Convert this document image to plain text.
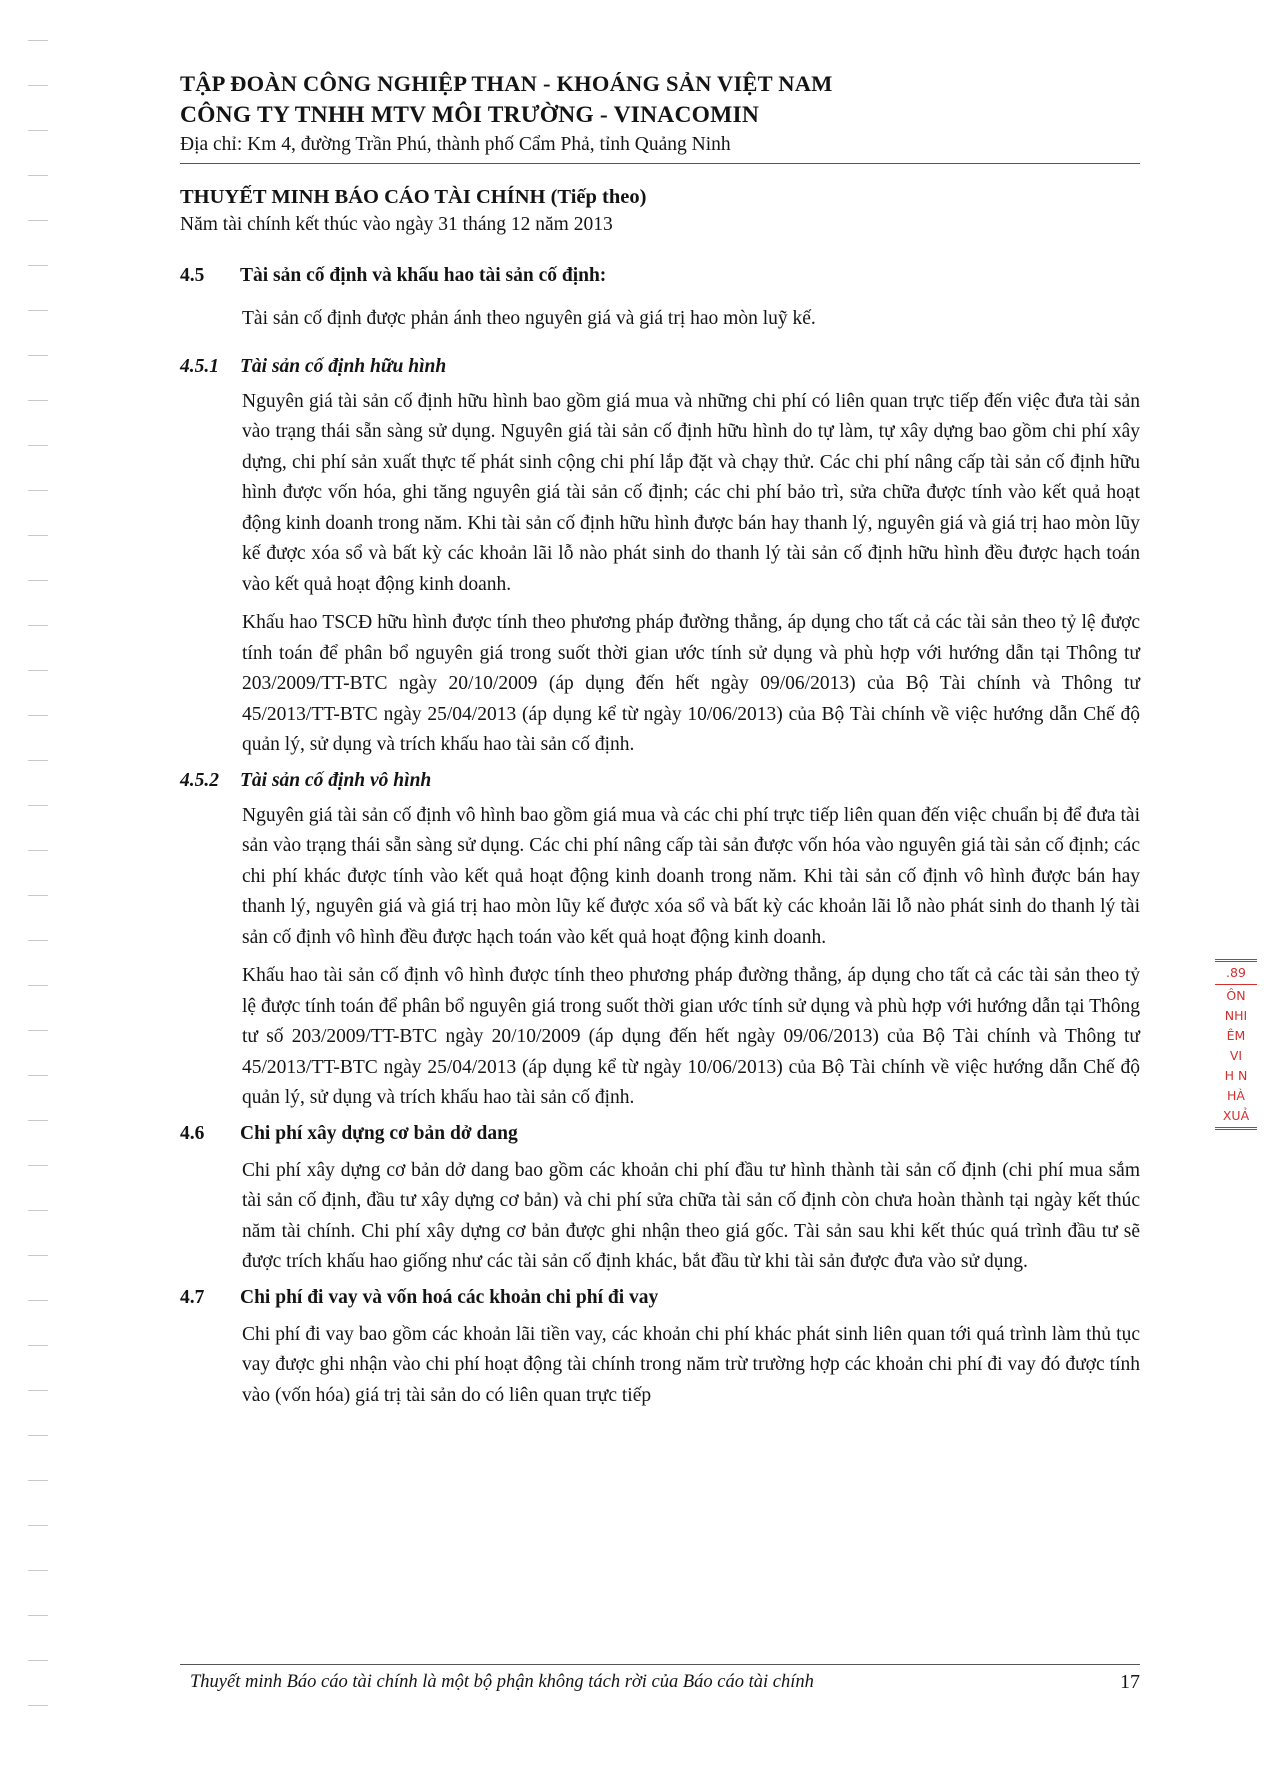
TẬP ĐOÀN CÔNG NGHIỆP THAN - KHOÁNG SẢN VIỆT NAM
CÔNG TY TNHH MTV MÔI TRƯỜNG - VINACOMIN
Địa chỉ: Km 4, đường Trần Phú, thành phố Cẩm Phả, tỉnh Quảng Ninh
THUYẾT MINH BÁO CÁO TÀI CHÍNH (Tiếp theo)
Năm tài chính kết thúc vào ngày 31 tháng 12 năm 2013
4.5	Tài sản cố định và khấu hao tài sản cố định:

Tài sản cố định được phản ánh theo nguyên giá và giá trị hao mòn luỹ kế.

4.5.1	Tài sản cố định hữu hình

Nguyên giá tài sản cố định hữu hình bao gồm giá mua và những chi phí có liên quan trực tiếp đến việc đưa tài sản vào trạng thái sẵn sàng sử dụng. Nguyên giá tài sản cố định hữu hình do tự làm, tự xây dựng bao gồm chi phí xây dựng, chi phí sản xuất thực tế phát sinh cộng chi phí lắp đặt và chạy thử. Các chi phí nâng cấp tài sản cố định hữu hình được vốn hóa, ghi tăng nguyên giá tài sản cố định; các chi phí bảo trì, sửa chữa được tính vào kết quả hoạt động kinh doanh trong năm. Khi tài sản cố định hữu hình được bán hay thanh lý, nguyên giá và giá trị hao mòn lũy kế được xóa sổ và bất kỳ các khoản lãi lỗ nào phát sinh do thanh lý tài sản cố định hữu hình đều được hạch toán vào kết quả hoạt động kinh doanh.

Khấu hao TSCĐ hữu hình được tính theo phương pháp đường thẳng, áp dụng cho tất cả các tài sản theo tỷ lệ được tính toán để phân bổ nguyên giá trong suốt thời gian ước tính sử dụng và phù hợp với hướng dẫn tại Thông tư 203/2009/TT-BTC ngày 20/10/2009 (áp dụng đến hết ngày 09/06/2013) của Bộ Tài chính và Thông tư 45/2013/TT-BTC ngày 25/04/2013 (áp dụng kể từ ngày 10/06/2013) của Bộ Tài chính về việc hướng dẫn Chế độ quản lý, sử dụng và trích khấu hao tài sản cố định.

4.5.2	Tài sản cố định vô hình

Nguyên giá tài sản cố định vô hình bao gồm giá mua và các chi phí trực tiếp liên quan đến việc chuẩn bị để đưa tài sản vào trạng thái sẵn sàng sử dụng. Các chi phí nâng cấp tài sản được vốn hóa vào nguyên giá tài sản cố định; các chi phí khác được tính vào kết quả hoạt động kinh doanh trong năm. Khi tài sản cố định vô hình được bán hay thanh lý, nguyên giá và giá trị hao mòn lũy kế được xóa sổ và bất kỳ các khoản lãi lỗ nào phát sinh do thanh lý tài sản cố định vô hình đều được hạch toán vào kết quả hoạt động kinh doanh.

Khấu hao tài sản cố định vô hình được tính theo phương pháp đường thẳng, áp dụng cho tất cả các tài sản theo tỷ lệ được tính toán để phân bổ nguyên giá trong suốt thời gian ước tính sử dụng và phù hợp với hướng dẫn tại Thông tư số 203/2009/TT-BTC ngày 20/10/2009 (áp dụng đến hết ngày 09/06/2013) của Bộ Tài chính và Thông tư 45/2013/TT-BTC ngày 25/04/2013 (áp dụng kể từ ngày 10/06/2013) của Bộ Tài chính về việc hướng dẫn Chế độ quản lý, sử dụng và trích khấu hao tài sản cố định.

4.6	Chi phí xây dựng cơ bản dở dang

Chi phí xây dựng cơ bản dở dang bao gồm các khoản chi phí đầu tư hình thành tài sản cố định (chi phí mua sắm tài sản cố định, đầu tư xây dựng cơ bản) và chi phí sửa chữa tài sản cố định còn chưa hoàn thành tại ngày kết thúc năm tài chính. Chi phí xây dựng cơ bản được ghi nhận theo giá gốc. Tài sản sau khi kết thúc quá trình đầu tư sẽ được trích khấu hao giống như các tài sản cố định khác, bắt đầu từ khi tài sản được đưa vào sử dụng.

4.7	Chi phí đi vay và vốn hoá các khoản chi phí đi vay

Chi phí đi vay bao gồm các khoản lãi tiền vay, các khoản chi phí khác phát sinh liên quan tới quá trình làm thủ tục vay được ghi nhận vào chi phí hoạt động tài chính trong năm trừ trường hợp các khoản chi phí đi vay đó được tính vào (vốn hóa) giá trị tài sản do có liên quan trực tiếp

Thuyết minh Báo cáo tài chính là một bộ phận không tách rời của Báo cáo tài chính	17
.89
ÔN
NHI
ÊM
VI
H N
HÀ
XUẢ
